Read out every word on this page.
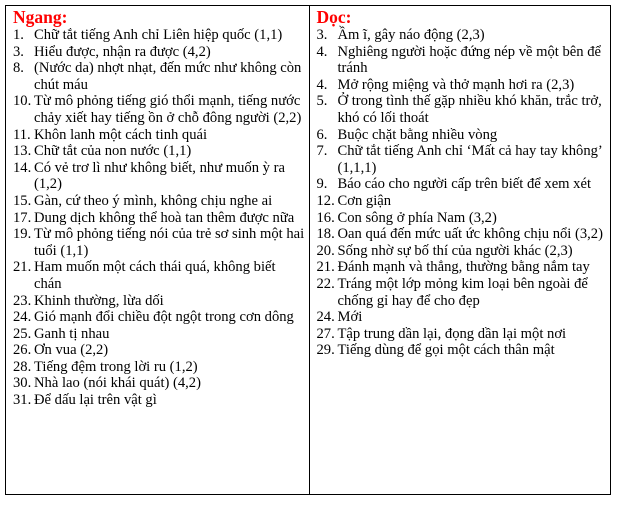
Ngang:
1. Chữ tắt tiếng Anh chỉ Liên hiệp quốc (1,1)
3. Hiểu được, nhận ra được (4,2)
8. (Nước da) nhợt nhạt, đến mức như không còn chút máu
10. Từ mô phỏng tiếng gió thổi mạnh, tiếng nước chảy xiết hay tiếng ồn ở chỗ đông người (2,2)
11. Khôn lanh một cách tinh quái
13. Chữ tắt của non nước (1,1)
14. Có vẻ trơ lì như không biết, như muốn ỳ ra (1,2)
15. Gàn, cứ theo ý mình, không chịu nghe ai
17. Dung dịch không thể hoà tan thêm được nữa
19. Từ mô phỏng tiếng nói của trẻ sơ sinh một hai tuổi (1,1)
21. Ham muốn một cách thái quá, không biết chán
23. Khinh thường, lừa dối
24. Gió mạnh đổi chiều đột ngột trong cơn dông
25. Ganh tị nhau
26. Ơn vua (2,2)
28. Tiếng đệm trong lời ru (1,2)
30. Nhà lao (nói khái quát) (4,2)
31. Để dấu lại trên vật gì
Dọc:
3. Ầm ĩ, gây náo động (2,3)
4. Nghiêng người hoặc đứng nép về một bên để tránh
4. Mở rộng miệng và thở mạnh hơi ra (2,3)
5. Ở trong tình thế gặp nhiều khó khăn, trắc trở, khó có lối thoát
6. Buộc chặt bằng nhiều vòng
7. Chữ tắt tiếng Anh chỉ ‘Mất cả hay tay không’ (1,1,1)
9. Báo cáo cho người cấp trên biết để xem xét
12. Cơn giận
16. Con sông ở phía Nam (3,2)
18. Oan quá đến mức uất ức không chịu nổi (3,2)
20. Sống nhờ sự bố thí của người khác (2,3)
21. Đánh mạnh và thẳng, thường bằng nắm tay
22. Tráng một lớp mỏng kim loại bên ngoài để chống gỉ hay để cho đẹp
24. Mới
27. Tập trung dần lại, đọng dần lại một nơi
29. Tiếng dùng để gọi một cách thân mật
